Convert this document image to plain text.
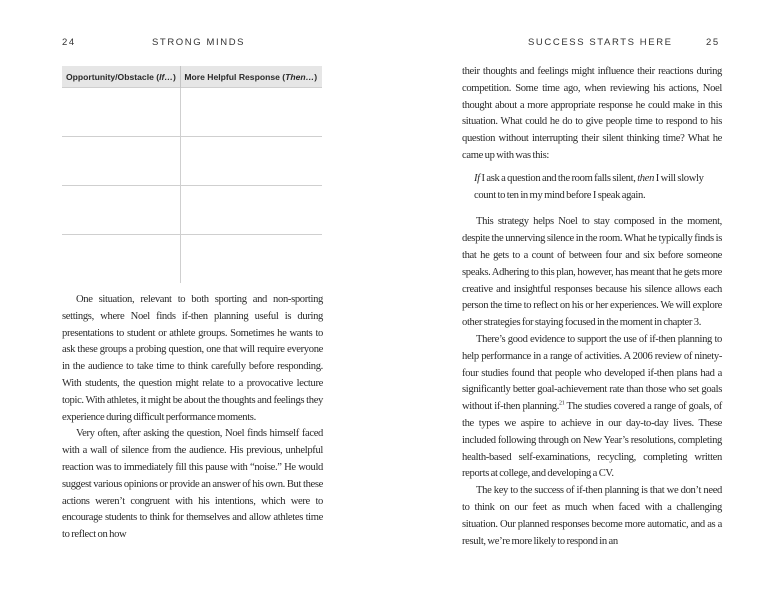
24	STRONG MINDS
Opportunity/Obstacle (If…)	More Helpful Response (Then…)

One situation, relevant to both sporting and non-sporting settings, where Noel finds if-then planning useful is during presentations to student or athlete groups. Sometimes he wants to ask these groups a probing question, one that will require everyone in the audience to take time to think carefully before responding. With students, the question might relate to a provocative lecture topic. With athletes, it might be about the thoughts and feelings they experience during difficult performance moments.

Very often, after asking the question, Noel finds himself faced with a wall of silence from the audience. His previous, unhelpful reaction was to immediately fill this pause with “noise.” He would suggest various opinions or provide an answer of his own. But these actions weren’t congruent with his intentions, which were to encourage students to think for themselves and allow athletes time to reflect on how

SUCCESS STARTS HERE	25

their thoughts and feelings might influence their reactions during competition. Some time ago, when reviewing his actions, Noel thought about a more appropriate response he could make in this situation. What could he do to give people time to respond to his question without interrupting their silent thinking time? What he came up with was this:

If I ask a question and the room falls silent, then I will slowly count to ten in my mind before I speak again.

This strategy helps Noel to stay composed in the moment, despite the unnerving silence in the room. What he typically finds is that he gets to a count of between four and six before someone speaks. Adhering to this plan, however, has meant that he gets more creative and insightful responses because his silence allows each person the time to reflect on his or her experiences. We will explore other strategies for staying focused in the moment in chapter 3.

There’s good evidence to support the use of if-then planning to help performance in a range of activities. A 2006 review of ninety-four studies found that people who developed if-then plans had a significantly better goal-achievement rate than those who set goals without if-then planning.$^{21}$ The studies covered a range of goals, of the types we aspire to achieve in our day-to-day lives. These included following through on New Year’s resolutions, completing health-based self-examinations, recycling, completing written reports at college, and developing a CV.

The key to the success of if-then planning is that we don’t need to think on our feet as much when faced with a challenging situation. Our planned responses become more automatic, and as a result, we’re more likely to respond in an
